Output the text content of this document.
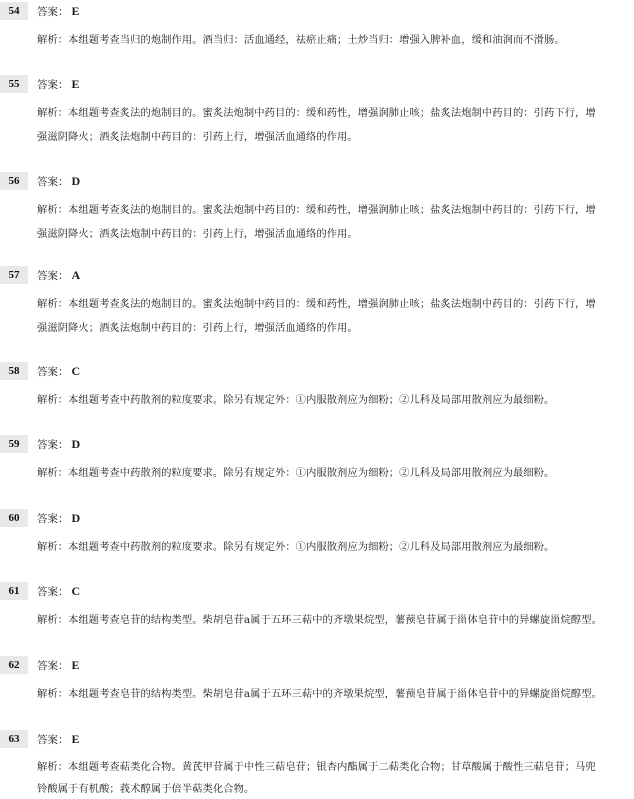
54	答案： E
解析：本组题考查当归的炮制作用。酒当归：活血通经，祛瘀止痛；土炒当归：增强入脾补血，缓和油润而不滑肠。
55	答案： E
解析：本组题考查炙法的炮制目的。蜜炙法炮制中药目的：缓和药性，增强润肺止咳；盐炙法炮制中药目的：引药下行，增
强滋阴降火；酒炙法炮制中药目的：引药上行，增强活血通络的作用。
56	答案： D
解析：本组题考查炙法的炮制目的。蜜炙法炮制中药目的：缓和药性，增强润肺止咳；盐炙法炮制中药目的：引药下行，增
强滋阴降火；酒炙法炮制中药目的：引药上行，增强活血通络的作用。
57	答案： A
解析：本组题考查炙法的炮制目的。蜜炙法炮制中药目的：缓和药性，增强润肺止咳；盐炙法炮制中药目的：引药下行，增
强滋阴降火；酒炙法炮制中药目的：引药上行，增强活血通络的作用。
58	答案： C
解析：本组题考查中药散剂的粒度要求。除另有规定外：①内服散剂应为细粉；②儿科及局部用散剂应为最细粉。
59	答案： D
解析：本组题考查中药散剂的粒度要求。除另有规定外：①内服散剂应为细粉；②儿科及局部用散剂应为最细粉。
60	答案： D
解析：本组题考查中药散剂的粒度要求。除另有规定外：①内服散剂应为细粉；②儿科及局部用散剂应为最细粉。
61	答案： C
解析：本组题考查皂苷的结构类型。柴胡皂苷a属于五环三萜中的齐墩果烷型，薯蓣皂苷属于甾体皂苷中的异螺旋甾烷醇型。
62	答案： E
解析：本组题考查皂苷的结构类型。柴胡皂苷a属于五环三萜中的齐墩果烷型，薯蓣皂苷属于甾体皂苷中的异螺旋甾烷醇型。
63	答案： E
解析：本组题考查萜类化合物。黄芪甲苷属于中性三萜皂苷；银杏内酯属于二萜类化合物；甘草酸属于酸性三萜皂苷；马兜
铃酸属于有机酸；莪术醇属于倍半萜类化合物。
